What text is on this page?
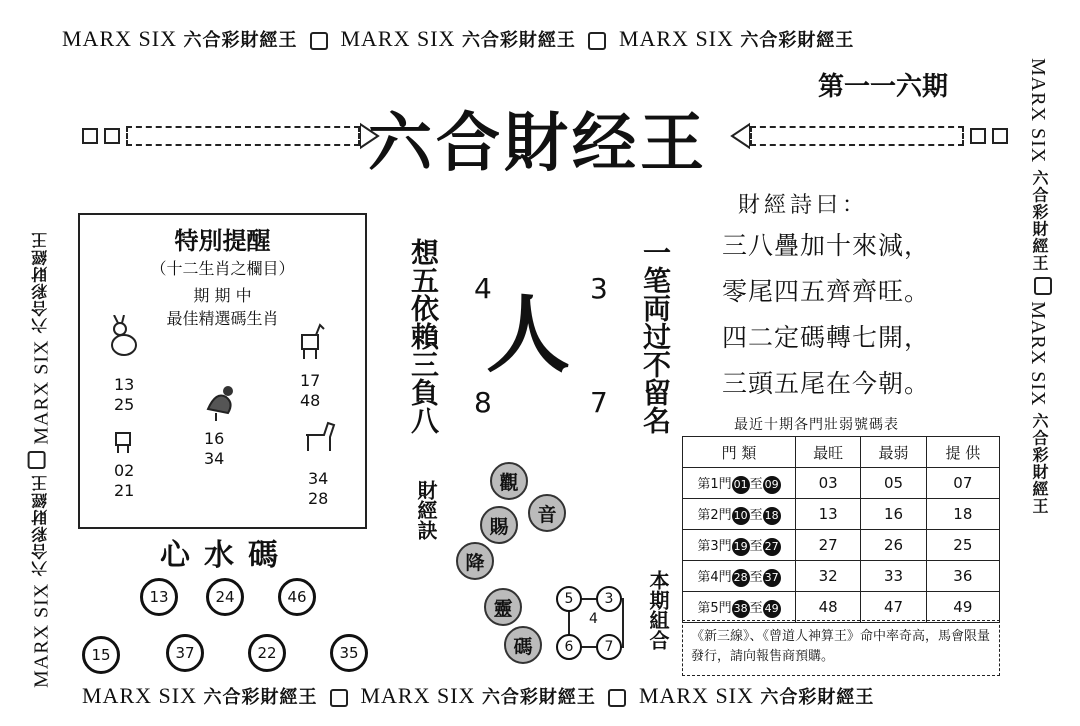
MARX SIX 六合彩財經王 MARX SIX 六合彩財經王 MARX SIX 六合彩財經王
MARX SIX 六合彩財經王 MARX SIX 六合彩財經王 MARX SIX 六合彩財經王
MARX SIX 六合彩財經王  MARX SIX 六合彩財經王
MARX SIX 六合彩財經王  MARX SIX 六合彩財經王
第一一六期
六合財经王
特別提醒
（十二生肖之欄目）
期 期 中
最佳精選碼生肖
13
25
17
48
16
34
02
21
34
28
心水碼
13	24	46
15	37	22	35
想五依賴三負八	一笔両过不留名
4	3
人
8	7
財經訣	觀
音
賜
降
靈
碼	本期組合
5	3
4
6	7
財經詩曰：
三八疊加十來減，
零尾四五齊齊旺。
四二定碼轉七開，
三頭五尾在今朝。
最近十期各門壯弱號碼表
門 類	最旺	最弱	提 供
第1門 01 至 09	03	05	07
第2門 10 至 18	13	16	18
第3門 19 至 27	27	26	25
第4門 28 至 37	32	33	36
第5門 38 至 49	48	47	49
《新三線》、《曾道人神算王》命中率奇高，馬會限量發行，請向報售商預購。
